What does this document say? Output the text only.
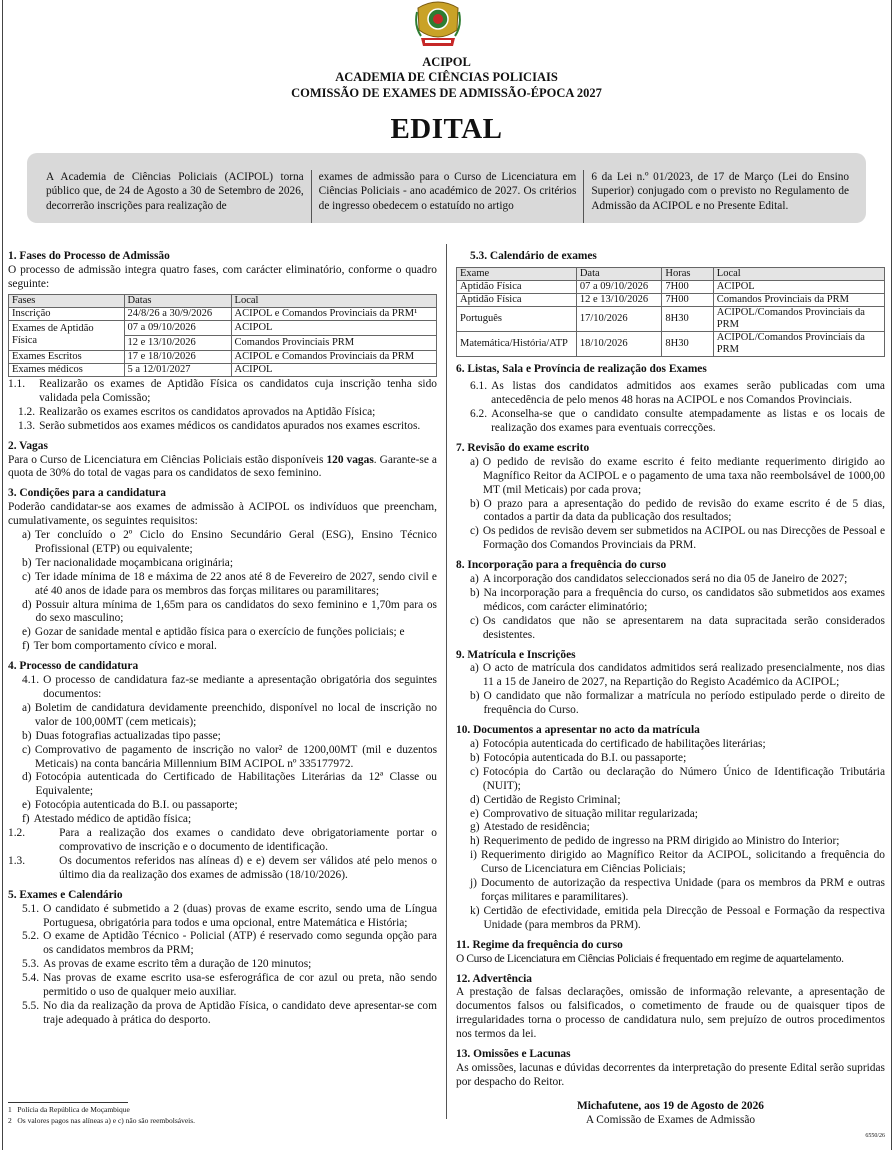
ACIPOL
ACADEMIA DE CIÊNCIAS POLICIAIS
COMISSÃO DE EXAMES DE ADMISSÃO-ÉPOCA 2027
EDITAL
A Academia de Ciências Policiais (ACIPOL) torna público que, de 24 de Agosto a 30 de Setembro de 2026, decorrerão inscrições para realização de
exames de admissão para o Curso de Licenciatura em Ciências Policiais - ano académico de 2027. Os critérios de ingresso obedecem o estatuído no artigo
6 da Lei n.º 01/2023, de 17 de Março (Lei do Ensino Superior) conjugado com o previsto no Regulamento de Admissão da ACIPOL e no Presente Edital.
1. Fases do Processo de Admissão

O processo de admissão integra quatro fases, com carácter eliminatório, conforme o quadro seguinte:

Fases	Datas	Local
Inscrição	24/8/26 a 30/9/2026	ACIPOL e Comandos Provinciais da PRM¹
Exames de Aptidão Física	07 a 09/10/2026	ACIPOL
	12 e 13/10/2026	Comandos Provinciais PRM
Exames Escritos	17 e 18/10/2026	ACIPOL e Comandos Provinciais da PRM
Exames médicos	5 a 12/01/2027	ACIPOL
1.1.	Realizarão os exames de Aptidão Física os candidatos cuja inscrição tenha sido validada pela Comissão;
1.2. Realizarão os exames escritos os candidatos aprovados na Aptidão Física;
1.3. Serão submetidos aos exames médicos os candidatos apurados nos exames escritos.
2. Vagas

Para o Curso de Licenciatura em Ciências Policiais estão disponíveis 120 vagas. Garante-se a quota de 30% do total de vagas para os candidatos de sexo feminino.

3. Condições para a candidatura

Poderão candidatar-se aos exames de admissão à ACIPOL os indivíduos que preencham, cumulativamente, os seguintes requisitos:

a) Ter concluído o 2º Ciclo do Ensino Secundário Geral (ESG), Ensino Técnico Profissional (ETP) ou equivalente;
b) Ter nacionalidade moçambicana originária;
c) Ter idade mínima de 18 e máxima de 22 anos até 8 de Fevereiro de 2027, sendo civil e até 40 anos de idade para os membros das forças militares ou paramilitares;
d) Possuir altura mínima de 1,65m para os candidatos do sexo feminino e 1,70m para os do sexo masculino;
e) Gozar de sanidade mental e aptidão física para o exercício de funções policiais; e
f) Ter bom comportamento cívico e moral.
4. Processo de candidatura
4.1. O processo de candidatura faz-se mediante a apresentação obrigatória dos seguintes documentos:
a) Boletim de candidatura devidamente preenchido, disponível no local de inscrição no valor de 100,00MT (cem meticais);
b) Duas fotografias actualizadas tipo passe;
c) Comprovativo de pagamento de inscrição no valor² de 1200,00MT (mil e duzentos Meticais) na conta bancária Millennium BIM ACIPOL nº 335177972.
d) Fotocópia autenticada do Certificado de Habilitações Literárias da 12ª Classe ou Equivalente;
e) Fotocópia autenticada do B.I. ou passaporte;
f) Atestado médico de aptidão física;
1.2.	Para a realização dos exames o candidato deve obrigatoriamente portar o comprovativo de inscrição e o documento de identificação.
1.3.	Os documentos referidos nas alíneas d) e e) devem ser válidos até pelo menos o último dia da realização dos exames de admissão (18/10/2026).
5. Exames e Calendário
5.1. O candidato é submetido a 2 (duas) provas de exame escrito, sendo uma de Língua Portuguesa, obrigatória para todos e uma opcional, entre Matemática e História;
5.2. O exame de Aptidão Técnico - Policial (ATP) é reservado como segunda opção para os candidatos membros da PRM;
5.3. As provas de exame escrito têm a duração de 120 minutos;
5.4. Nas provas de exame escrito usa-se esferográfica de cor azul ou preta, não sendo permitido o uso de qualquer meio auxiliar.
5.5. No dia da realização da prova de Aptidão Física, o candidato deve apresentar-se com traje adequado à prática do desporto.
1 Polícia da República de Moçambique
2 Os valores pagos nas alíneas a) e c) não são reembolsáveis.
5.3. Calendário de exames
Exame	Data	Horas	Local
Aptidão Física	07 a 09/10/2026	7H00	ACIPOL
Aptidão Física	12 e 13/10/2026	7H00	Comandos Provinciais da PRM
Português	17/10/2026	8H30	ACIPOL/Comandos Provinciais da PRM
Matemática/História/ATP	18/10/2026	8H30	ACIPOL/Comandos Provinciais da PRM
6. Listas, Sala e Província de realização dos Exames
6.1. As listas dos candidatos admitidos aos exames serão publicadas com uma antecedência de pelo menos 48 horas na ACIPOL e nos Comandos Provinciais.
6.2. Aconselha-se que o candidato consulte atempadamente as listas e os locais de realização dos exames para eventuais correcções.
7. Revisão do exame escrito
a) O pedido de revisão do exame escrito é feito mediante requerimento dirigido ao Magnífico Reitor da ACIPOL e o pagamento de uma taxa não reembolsável de 1000,00 MT (mil Meticais) por cada prova;
b) O prazo para a apresentação do pedido de revisão do exame escrito é de 5 dias, contados a partir da data da publicação dos resultados;
c) Os pedidos de revisão devem ser submetidos na ACIPOL ou nas Direcções de Pessoal e Formação dos Comandos Provinciais da PRM.
8. Incorporação para a frequência do curso
a) A incorporação dos candidatos seleccionados será no dia 05 de Janeiro de 2027;
b) Na incorporação para a frequência do curso, os candidatos são submetidos aos exames médicos, com carácter eliminatório;
c) Os candidatos que não se apresentarem na data supracitada serão considerados desistentes.
9. Matrícula e Inscrições
a) O acto de matrícula dos candidatos admitidos será realizado presencialmente, nos dias 11 a 15 de Janeiro de 2027, na Repartição do Registo Académico da ACIPOL;
b) O candidato que não formalizar a matrícula no período estipulado perde o direito de frequência do Curso.
10. Documentos a apresentar no acto da matrícula
a) Fotocópia autenticada do certificado de habilitações literárias;
b) Fotocópia autenticada do B.I. ou passaporte;
c) Fotocópia do Cartão ou declaração do Número Único de Identificação Tributária (NUIT);
d) Certidão de Registo Criminal;
e) Comprovativo de situação militar regularizada;
g) Atestado de residência;
h) Requerimento de pedido de ingresso na PRM dirigido ao Ministro do Interior;
i) Requerimento dirigido ao Magnífico Reitor da ACIPOL, solicitando a frequência do Curso de Licenciatura em Ciências Policiais;
j) Documento de autorização da respectiva Unidade (para os membros da PRM e outras forças militares e paramilitares).
k) Certidão de efectividade, emitida pela Direcção de Pessoal e Formação da respectiva Unidade (para membros da PRM).
11. Regime da frequência do curso

O Curso de Licenciatura em Ciências Policiais é frequentado em regime de aquartelamento.

12. Advertência

A prestação de falsas declarações, omissão de informação relevante, a apresentação de documentos falsos ou falsificados, o cometimento de fraude ou de quaisquer tipos de irregularidades torna o processo de candidatura nulo, sem prejuízo de outros procedimentos nos termos da lei.

13. Omissões e Lacunas

As omissões, lacunas e dúvidas decorrentes da interpretação do presente Edital serão supridas por despacho do Reitor.

Michafutene, aos 19 de Agosto de 2026
A Comissão de Exames de Admissão
6550/26
